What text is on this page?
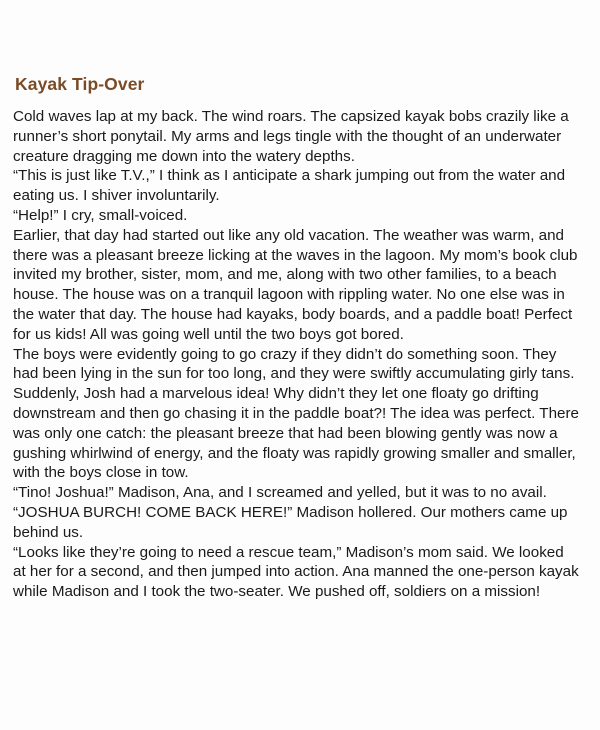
Kayak Tip-Over

Cold waves lap at my back. The wind roars. The capsized kayak bobs crazily like a runner’s short ponytail. My arms and legs tingle with the thought of an underwater creature dragging me down into the watery depths.

“This is just like T.V.,” I think as I anticipate a shark jumping out from the water and eating us. I shiver involuntarily.

“Help!” I cry, small-voiced.

Earlier, that day had started out like any old vacation. The weather was warm, and there was a pleasant breeze licking at the waves in the lagoon. My mom’s book club invited my brother, sister, mom, and me, along with two other families, to a beach house. The house was on a tranquil lagoon with rippling water. No one else was in the water that day. The house had kayaks, body boards, and a paddle boat! Perfect for us kids! All was going well until the two boys got bored.

The boys were evidently going to go crazy if they didn’t do something soon. They had been lying in the sun for too long, and they were swiftly accumulating girly tans. Suddenly, Josh had a marvelous idea! Why didn’t they let one floaty go drifting downstream and then go chasing it in the paddle boat?! The idea was perfect. There was only one catch: the pleasant breeze that had been blowing gently was now a gushing whirlwind of energy, and the floaty was rapidly growing smaller and smaller, with the boys close in tow.

“Tino! Joshua!” Madison, Ana, and I screamed and yelled, but it was to no avail.

“JOSHUA BURCH! COME BACK HERE!” Madison hollered. Our mothers came up behind us.

“Looks like they’re going to need a rescue team,” Madison’s mom said. We looked at her for a second, and then jumped into action. Ana manned the one-person kayak while Madison and I took the two-seater. We pushed off, soldiers on a mission!
